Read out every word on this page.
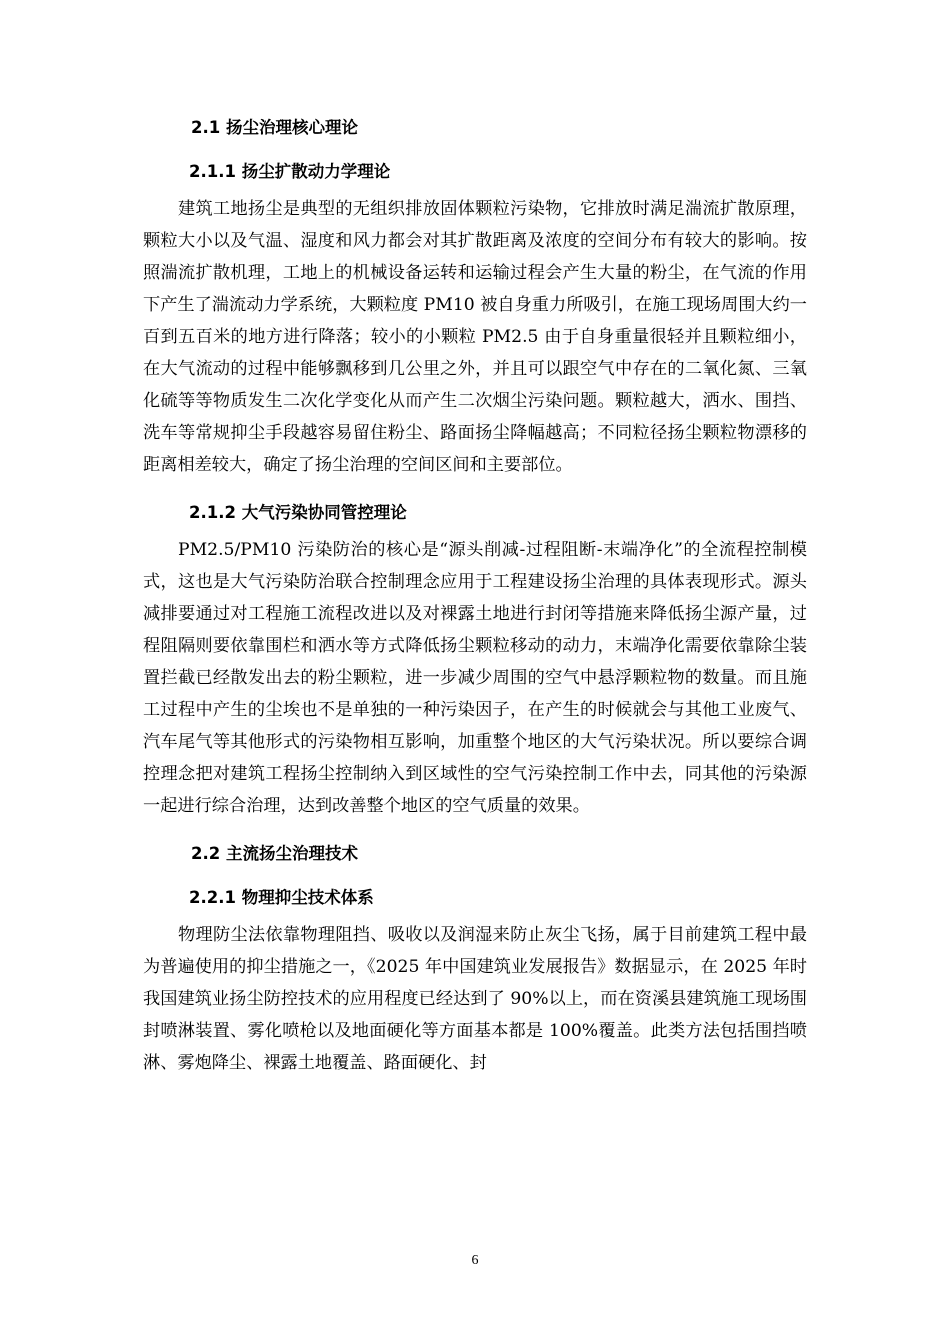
2.1 扬尘治理核心理论
2.1.1 扬尘扩散动力学理论
建筑工地扬尘是典型的无组织排放固体颗粒污染物，它排放时满足湍流扩散原理，颗粒大小以及气温、湿度和风力都会对其扩散距离及浓度的空间分布有较大的影响。按照湍流扩散机理，工地上的机械设备运转和运输过程会产生大量的粉尘，在气流的作用下产生了湍流动力学系统，大颗粒度 PM10 被自身重力所吸引，在施工现场周围大约一百到五百米的地方进行降落；较小的小颗粒 PM2.5 由于自身重量很轻并且颗粒细小，在大气流动的过程中能够飘移到几公里之外，并且可以跟空气中存在的二氧化氮、三氧化硫等等物质发生二次化学变化从而产生二次烟尘污染问题。颗粒越大，洒水、围挡、洗车等常规抑尘手段越容易留住粉尘、路面扬尘降幅越高；不同粒径扬尘颗粒物漂移的距离相差较大，确定了扬尘治理的空间区间和主要部位。
2.1.2 大气污染协同管控理论
PM2.5/PM10 污染防治的核心是“源头削减-过程阻断-末端净化”的全流程控制模式，这也是大气污染防治联合控制理念应用于工程建设扬尘治理的具体表现形式。源头减排要通过对工程施工流程改进以及对裸露土地进行封闭等措施来降低扬尘源产量，过程阻隔则要依靠围栏和洒水等方式降低扬尘颗粒移动的动力，末端净化需要依靠除尘装置拦截已经散发出去的粉尘颗粒，进一步减少周围的空气中悬浮颗粒物的数量。而且施工过程中产生的尘埃也不是单独的一种污染因子，在产生的时候就会与其他工业废气、汽车尾气等其他形式的污染物相互影响，加重整个地区的大气污染状况。所以要综合调控理念把对建筑工程扬尘控制纳入到区域性的空气污染控制工作中去，同其他的污染源一起进行综合治理，达到改善整个地区的空气质量的效果。
2.2 主流扬尘治理技术
2.2.1 物理抑尘技术体系
物理防尘法依靠物理阻挡、吸收以及润湿来防止灰尘飞扬，属于目前建筑工程中最为普遍使用的抑尘措施之一，《2025 年中国建筑业发展报告》数据显示，在 2025 年时我国建筑业扬尘防控技术的应用程度已经达到了 90%以上，而在资溪县建筑施工现场围封喷淋装置、雾化喷枪以及地面硬化等方面基本都是 100%覆盖。此类方法包括围挡喷淋、雾炮降尘、裸露土地覆盖、路面硬化、封
6
